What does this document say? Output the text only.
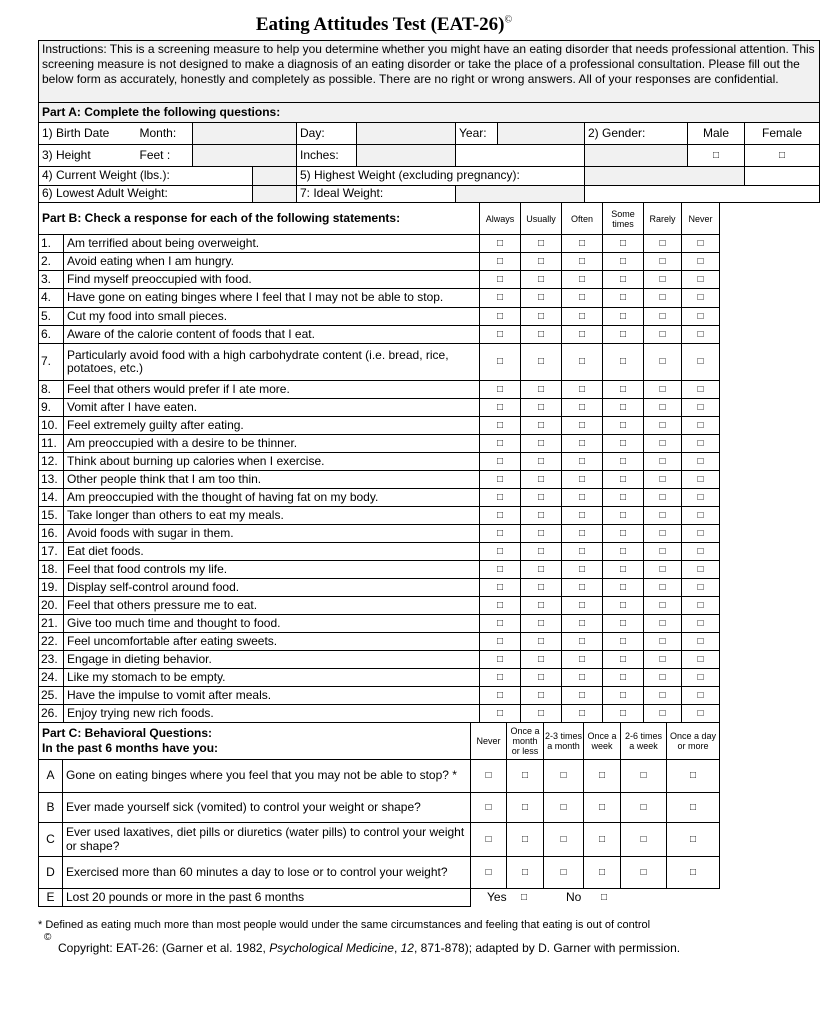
Eating Attitudes Test (EAT-26)©
Instructions: This is a screening measure to help you determine whether you might have an eating disorder that needs professional attention. This screening measure is not designed to make a diagnosis of an eating disorder or take the place of a professional consultation. Please fill out the below form as accurately, honestly and completely as possible. There are no right or wrong answers. All of your responses are confidential.										
Part A: Complete the following questions:										
1) Birth Date	Month:			Day:		Year:		2) Gender:	Male	Female
3) Height	Feet :			Inches:					□	□
4) Current Weight (lbs.):				5) Highest Weight (excluding pregnancy):						
6) Lowest Adult Weight:				7: Ideal Weight:						
Part B: Check a response for each of the following statements:		Always	Usually	Often	Some times	Rarely	Never
1.	Am terrified about being overweight.	□	□	□	□	□	□
2.	Avoid eating when I am hungry.	□	□	□	□	□	□
3.	Find myself preoccupied with food.	□	□	□	□	□	□
4.	Have gone on eating binges where I feel that I may not be able to stop.	□	□	□	□	□	□
5.	Cut my food into small pieces.	□	□	□	□	□	□
6.	Aware of the calorie content of foods that I eat.	□	□	□	□	□	□
7.	Particularly avoid food with a high carbohydrate content (i.e. bread, rice, potatoes, etc.)	□	□	□	□	□	□
8.	Feel that others would prefer if I ate more.	□	□	□	□	□	□
9.	Vomit after I have eaten.	□	□	□	□	□	□
10.	Feel extremely guilty after eating.	□	□	□	□	□	□
11.	Am preoccupied with a desire to be thinner.	□	□	□	□	□	□
12.	Think about burning up calories when I exercise.	□	□	□	□	□	□
13.	Other people think that I am too thin.	□	□	□	□	□	□
14.	Am preoccupied with the thought of having fat on my body.	□	□	□	□	□	□
15.	Take longer than others to eat my meals.	□	□	□	□	□	□
16.	Avoid foods with sugar in them.	□	□	□	□	□	□
17.	Eat diet foods.	□	□	□	□	□	□
18.	Feel that food controls my life.	□	□	□	□	□	□
19.	Display self-control around food.	□	□	□	□	□	□
20.	Feel that others pressure me to eat.	□	□	□	□	□	□
21.	Give too much time and thought to food.	□	□	□	□	□	□
22.	Feel uncomfortable after eating sweets.	□	□	□	□	□	□
23.	Engage in dieting behavior.	□	□	□	□	□	□
24.	Like my stomach to be empty.	□	□	□	□	□	□
25.	Have the impulse to vomit after meals.	□	□	□	□	□	□
26.	Enjoy trying new rich foods.	□	□	□	□	□	□
Part C: Behavioral Questions:
In the past 6 months have you:		Never	Once a month or less	2-3 times a month	Once a week	2-6 times a week	Once a day or more
A	Gone on eating binges where you feel that you may not be able to stop? *	□	□	□	□	□	□
B	Ever made yourself sick (vomited) to control your weight or shape?	□	□	□	□	□	□
C	Ever used laxatives, diet pills or diuretics (water pills) to control your weight or shape?	□	□	□	□	□	□
D	Exercised more than 60 minutes a day to lose or to control your weight?	□	□	□	□	□	□
E	Lost 20 pounds or more in the past 6 months	Yes □ No □					
* Defined as eating much more than most people would under the same circumstances and feeling that eating is out of control
©
Copyright: EAT-26: (Garner et al. 1982, Psychological Medicine, 12, 871-878); adapted by D. Garner with permission.
